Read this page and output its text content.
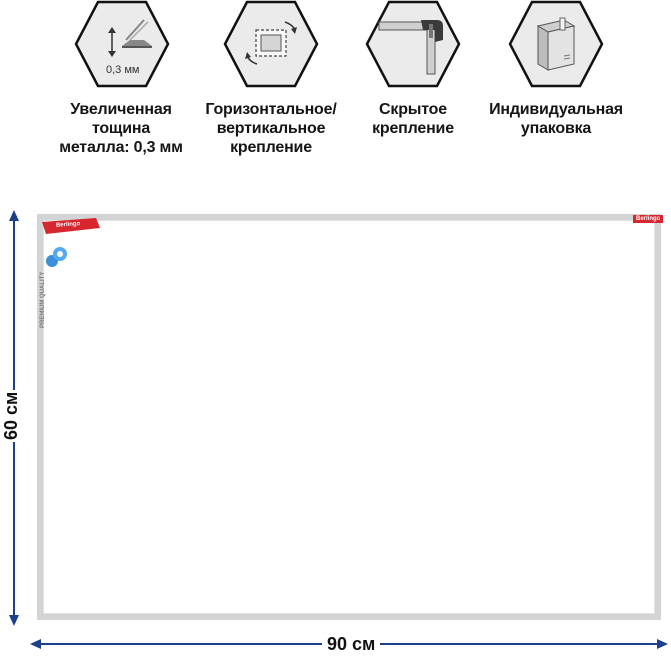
0,3 мм
Увеличенная тощина
металла: 0,3 мм
Горизонтальное/
вертикальное
крепление
Скрытое крепление
Индивидуальная
упаковка
Berlingo
Berlingo
PREMIUM QUALITY
60 см
90 см
